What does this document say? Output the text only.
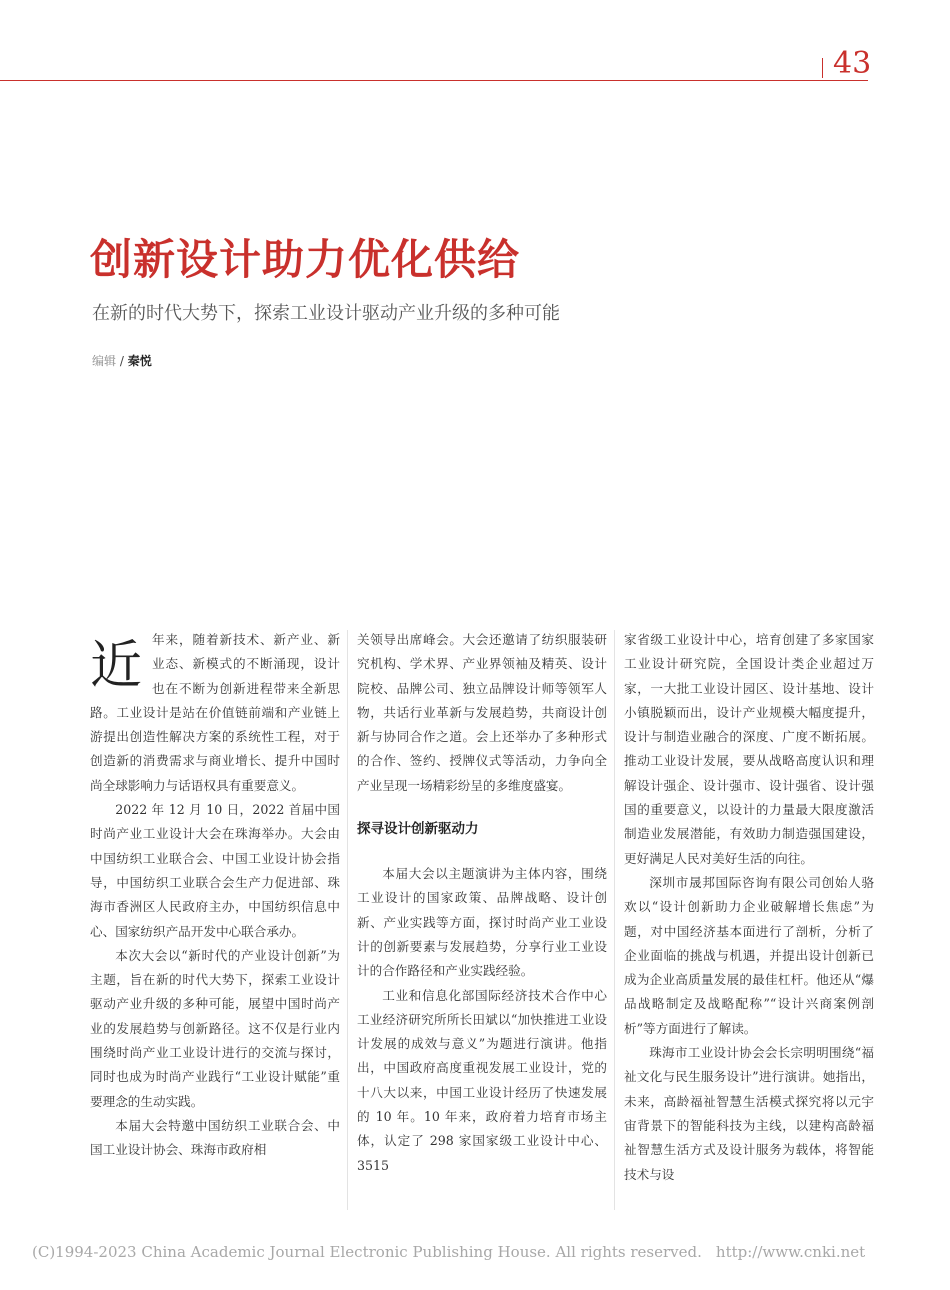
43
创新设计助力优化供给

在新的时代大势下，探索工业设计驱动产业升级的多种可能

编辑 / 秦悦

近年来，随着新技术、新产业、新业态、新模式的不断涌现，设计也在不断为创新进程带来全新思路。工业设计是站在价值链前端和产业链上游提出创造性解决方案的系统性工程，对于创造新的消费需求与商业增长、提升中国时尚全球影响力与话语权具有重要意义。

2022 年 12 月 10 日，2022 首届中国时尚产业工业设计大会在珠海举办。大会由中国纺织工业联合会、中国工业设计协会指导，中国纺织工业联合会生产力促进部、珠海市香洲区人民政府主办，中国纺织信息中心、国家纺织产品开发中心联合承办。

本次大会以“新时代的产业设计创新”为主题，旨在新的时代大势下，探索工业设计驱动产业升级的多种可能，展望中国时尚产业的发展趋势与创新路径。这不仅是行业内围绕时尚产业工业设计进行的交流与探讨，同时也成为时尚产业践行“工业设计赋能”重要理念的生动实践。

本届大会特邀中国纺织工业联合会、中国工业设计协会、珠海市政府相

关领导出席峰会。大会还邀请了纺织服装研究机构、学术界、产业界领袖及精英、设计院校、品牌公司、独立品牌设计师等领军人物，共话行业革新与发展趋势，共商设计创新与协同合作之道。会上还举办了多种形式的合作、签约、授牌仪式等活动，力争向全产业呈现一场精彩纷呈的多维度盛宴。

探寻设计创新驱动力

本届大会以主题演讲为主体内容，围绕工业设计的国家政策、品牌战略、设计创新、产业实践等方面，探讨时尚产业工业设计的创新要素与发展趋势，分享行业工业设计的合作路径和产业实践经验。

工业和信息化部国际经济技术合作中心工业经济研究所所长田斌以“加快推进工业设计发展的成效与意义”为题进行演讲。他指出，中国政府高度重视发展工业设计，党的十八大以来，中国工业设计经历了快速发展的 10 年。10 年来，政府着力培育市场主体，认定了 298 家国家级工业设计中心、3515

家省级工业设计中心，培育创建了多家国家工业设计研究院，全国设计类企业超过万家，一大批工业设计园区、设计基地、设计小镇脱颖而出，设计产业规模大幅度提升，设计与制造业融合的深度、广度不断拓展。推动工业设计发展，要从战略高度认识和理解设计强企、设计强市、设计强省、设计强国的重要意义，以设计的力量最大限度激活制造业发展潜能，有效助力制造强国建设，更好满足人民对美好生活的向往。

深圳市晟邦国际咨询有限公司创始人骆欢以“设计创新助力企业破解增长焦虑”为题，对中国经济基本面进行了剖析，分析了企业面临的挑战与机遇，并提出设计创新已成为企业高质量发展的最佳杠杆。他还从“爆品战略制定及战略配称”“设计兴商案例剖析”等方面进行了解读。

珠海市工业设计协会会长宗明明围绕“福祉文化与民生服务设计”进行演讲。她指出，未来，高龄福祉智慧生活模式探究将以元宇宙背景下的智能科技为主线，以建构高龄福祉智慧生活方式及设计服务为载体，将智能技术与设

(C)1994-2023 China Academic Journal Electronic Publishing House. All rights reserved. http://www.cnki.net
